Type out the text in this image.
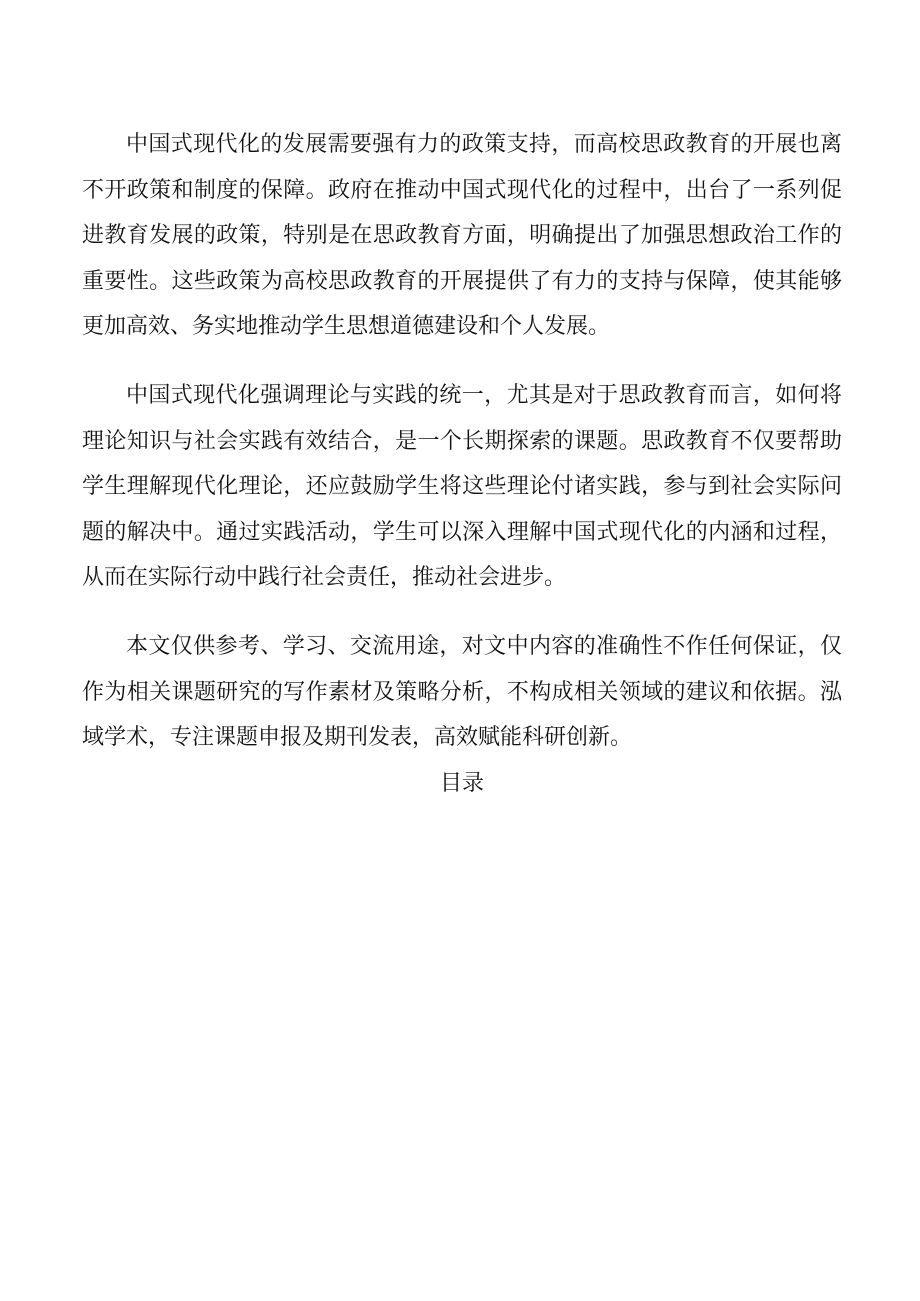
中国式现代化的发展需要强有力的政策支持，而高校思政教育的开展也离不开政策和制度的保障。政府在推动中国式现代化的过程中，出台了一系列促进教育发展的政策，特别是在思政教育方面，明确提出了加强思想政治工作的重要性。这些政策为高校思政教育的开展提供了有力的支持与保障，使其能够更加高效、务实地推动学生思想道德建设和个人发展。

中国式现代化强调理论与实践的统一，尤其是对于思政教育而言，如何将理论知识与社会实践有效结合，是一个长期探索的课题。思政教育不仅要帮助学生理解现代化理论，还应鼓励学生将这些理论付诸实践，参与到社会实际问题的解决中。通过实践活动，学生可以深入理解中国式现代化的内涵和过程，从而在实际行动中践行社会责任，推动社会进步。

本文仅供参考、学习、交流用途，对文中内容的准确性不作任何保证，仅作为相关课题研究的写作素材及策略分析，不构成相关领域的建议和依据。泓域学术，专注课题申报及期刊发表，高效赋能科研创新。

目录
